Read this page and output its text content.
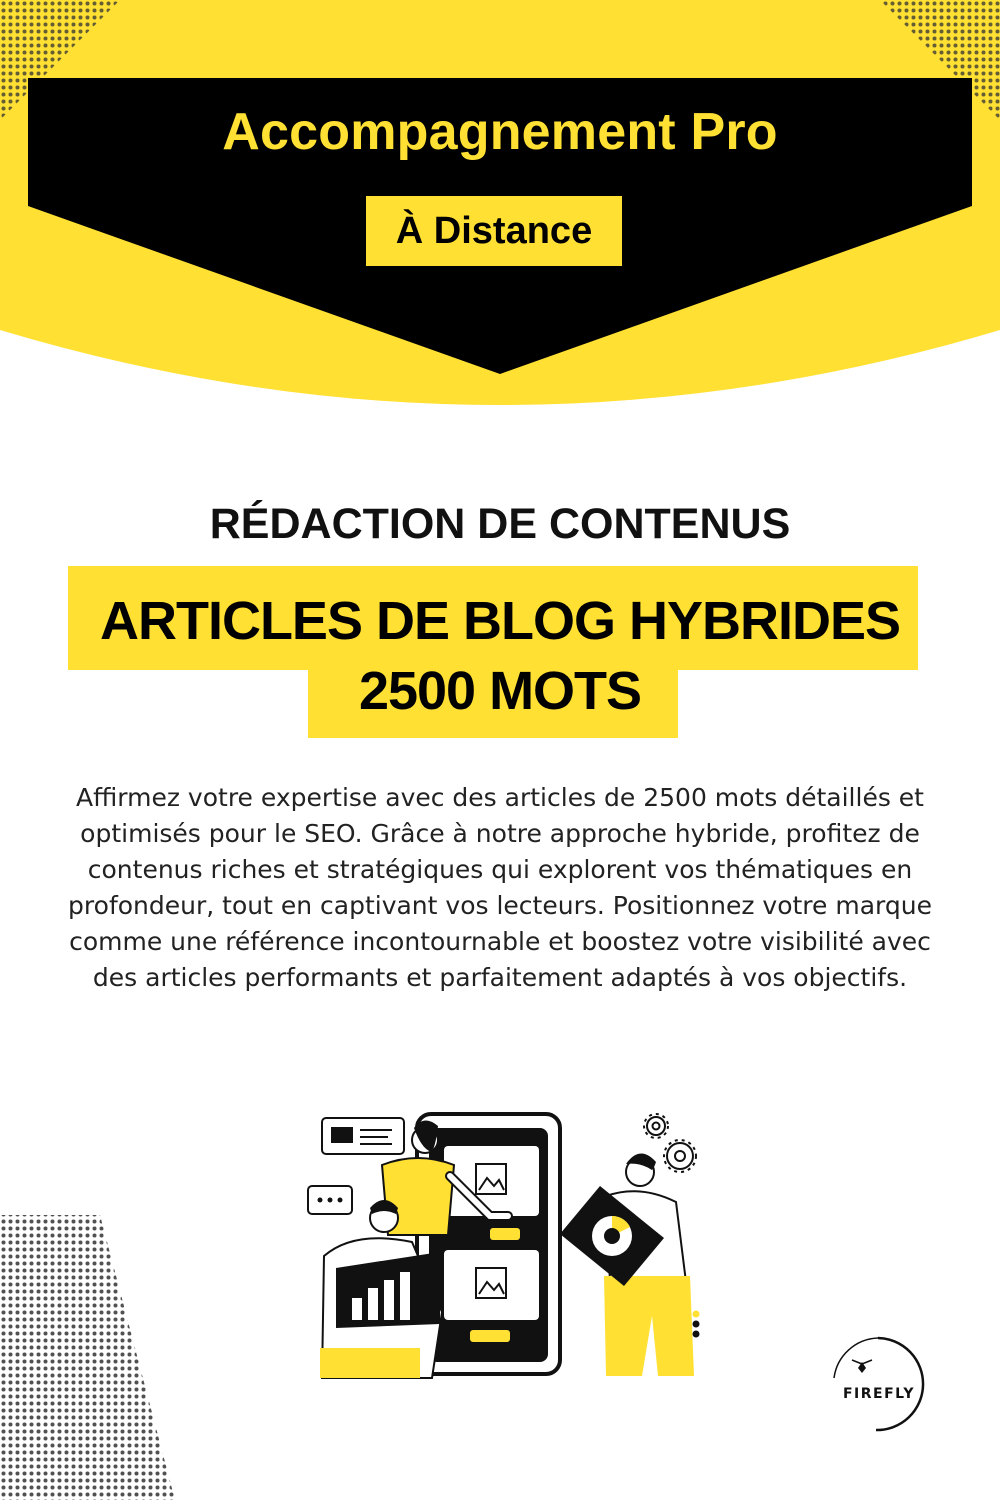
Accompagnement Pro
À Distance
RÉDACTION DE CONTENUS
ARTICLES DE BLOG HYBRIDES
2500 MOTS
Affirmez votre expertise avec des articles de 2500 mots détaillés et optimisés pour le SEO. Grâce à notre approche hybride, profitez de contenus riches et stratégiques qui explorent vos thématiques en profondeur, tout en captivant vos lecteurs. Positionnez votre marque comme une référence incontournable et boostez votre visibilité avec des articles performants et parfaitement adaptés à vos objectifs.
FIREFLY
